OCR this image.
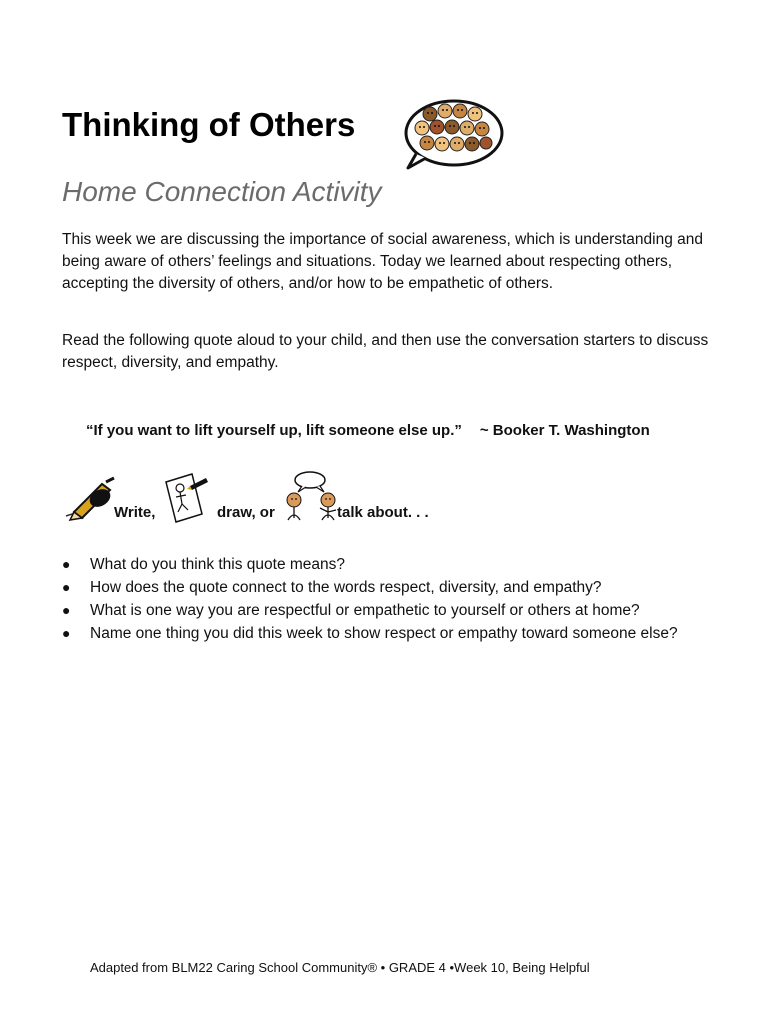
Thinking of Others
Home Connection Activity

This week we are discussing the importance of social awareness, which is understanding and being aware of others’ feelings and situations. Today we learned about respecting others, accepting the diversity of others, and/or how to be empathetic of others.

Read the following quote aloud to your child, and then use the conversation starters to discuss respect, diversity, and empathy.

“If you want to lift yourself up, lift someone else up.” ~ Booker T. Washington

Write,	draw, or	talk about. . .
● What do you think this quote means?
● How does the quote connect to the words respect, diversity, and empathy?
● What is one way you are respectful or empathetic to yourself or others at home?
● Name one thing you did this week to show respect or empathy toward someone else?

Adapted from BLM22 Caring School Community® • GRADE 4 •Week 10, Being Helpful
